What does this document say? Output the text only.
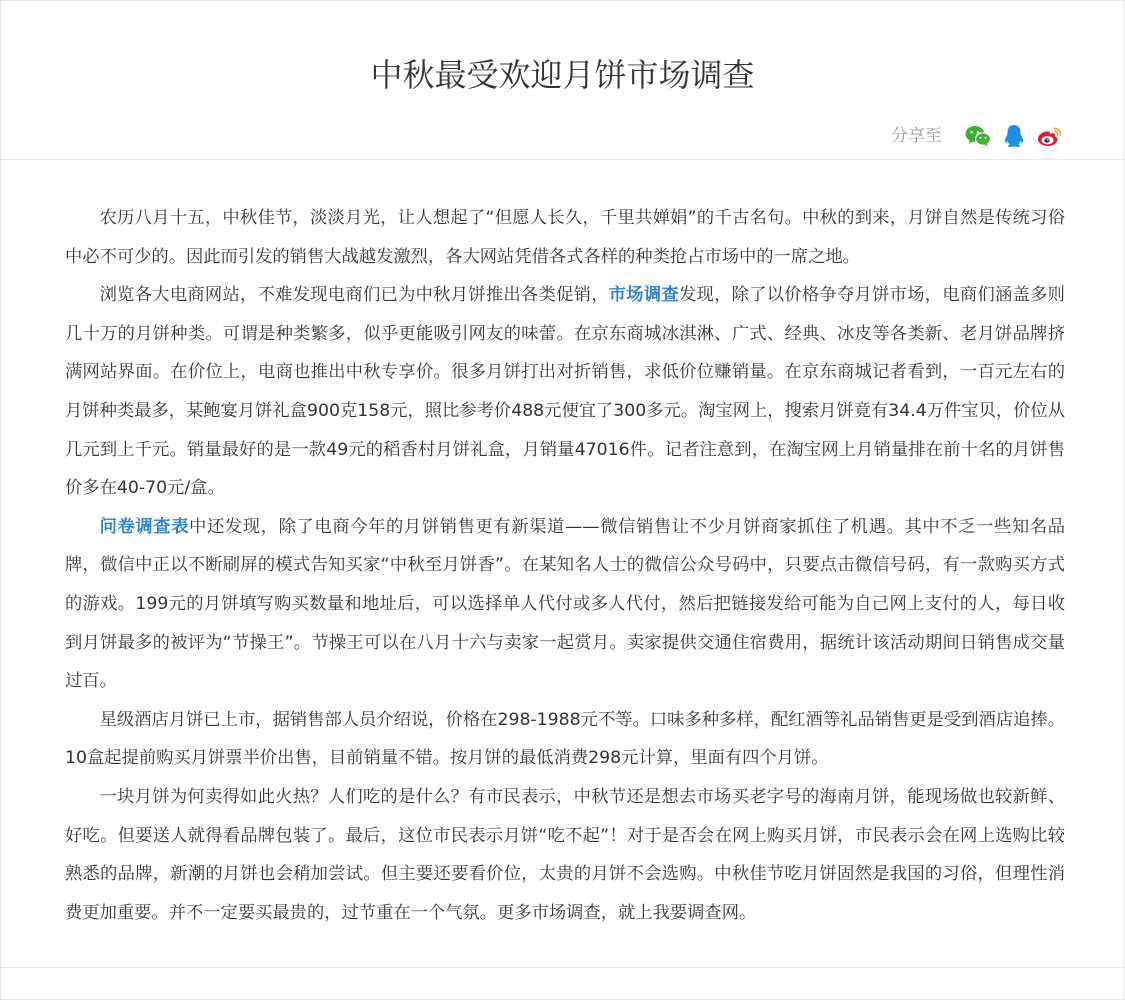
中秋最受欢迎月饼市场调查
分享至

农历八月十五，中秋佳节，淡淡月光，让人想起了“但愿人长久，千里共婵娟”的千古名句。中秋的到来，月饼自然是传统习俗中必不可少的。因此而引发的销售大战越发激烈，各大网站凭借各式各样的种类抢占市场中的一席之地。

浏览各大电商网站，不难发现电商们已为中秋月饼推出各类促销，市场调查发现，除了以价格争夺月饼市场，电商们涵盖多则几十万的月饼种类。可谓是种类繁多，似乎更能吸引网友的味蕾。在京东商城冰淇淋、广式、经典、冰皮等各类新、老月饼品牌挤满网站界面。在价位上，电商也推出中秋专享价。很多月饼打出对折销售，求低价位赚销量。在京东商城记者看到，一百元左右的月饼种类最多，某鲍宴月饼礼盒900克158元，照比参考价488元便宜了300多元。淘宝网上，搜索月饼竟有34.4万件宝贝，价位从几元到上千元。销量最好的是一款49元的稻香村月饼礼盒，月销量47016件。记者注意到，在淘宝网上月销量排在前十名的月饼售价多在40-70元/盒。

问卷调查表中还发现，除了电商今年的月饼销售更有新渠道——微信销售让不少月饼商家抓住了机遇。其中不乏一些知名品牌，微信中正以不断刷屏的模式告知买家“中秋至月饼香”。在某知名人士的微信公众号码中，只要点击微信号码，有一款购买方式的游戏。199元的月饼填写购买数量和地址后，可以选择单人代付或多人代付，然后把链接发给可能为自己网上支付的人，每日收到月饼最多的被评为“节操王”。节操王可以在八月十六与卖家一起赏月。卖家提供交通住宿费用，据统计该活动期间日销售成交量过百。

星级酒店月饼已上市，据销售部人员介绍说，价格在298-1988元不等。口味多种多样，配红酒等礼品销售更是受到酒店追捧。10盒起提前购买月饼票半价出售，目前销量不错。按月饼的最低消费298元计算，里面有四个月饼。

一块月饼为何卖得如此火热？人们吃的是什么？有市民表示，中秋节还是想去市场买老字号的海南月饼，能现场做也较新鲜、好吃。但要送人就得看品牌包装了。最后，这位市民表示月饼“吃不起”！对于是否会在网上购买月饼，市民表示会在网上选购比较熟悉的品牌，新潮的月饼也会稍加尝试。但主要还要看价位，太贵的月饼不会选购。中秋佳节吃月饼固然是我国的习俗，但理性消费更加重要。并不一定要买最贵的，过节重在一个气氛。更多市场调查，就上我要调查网。
